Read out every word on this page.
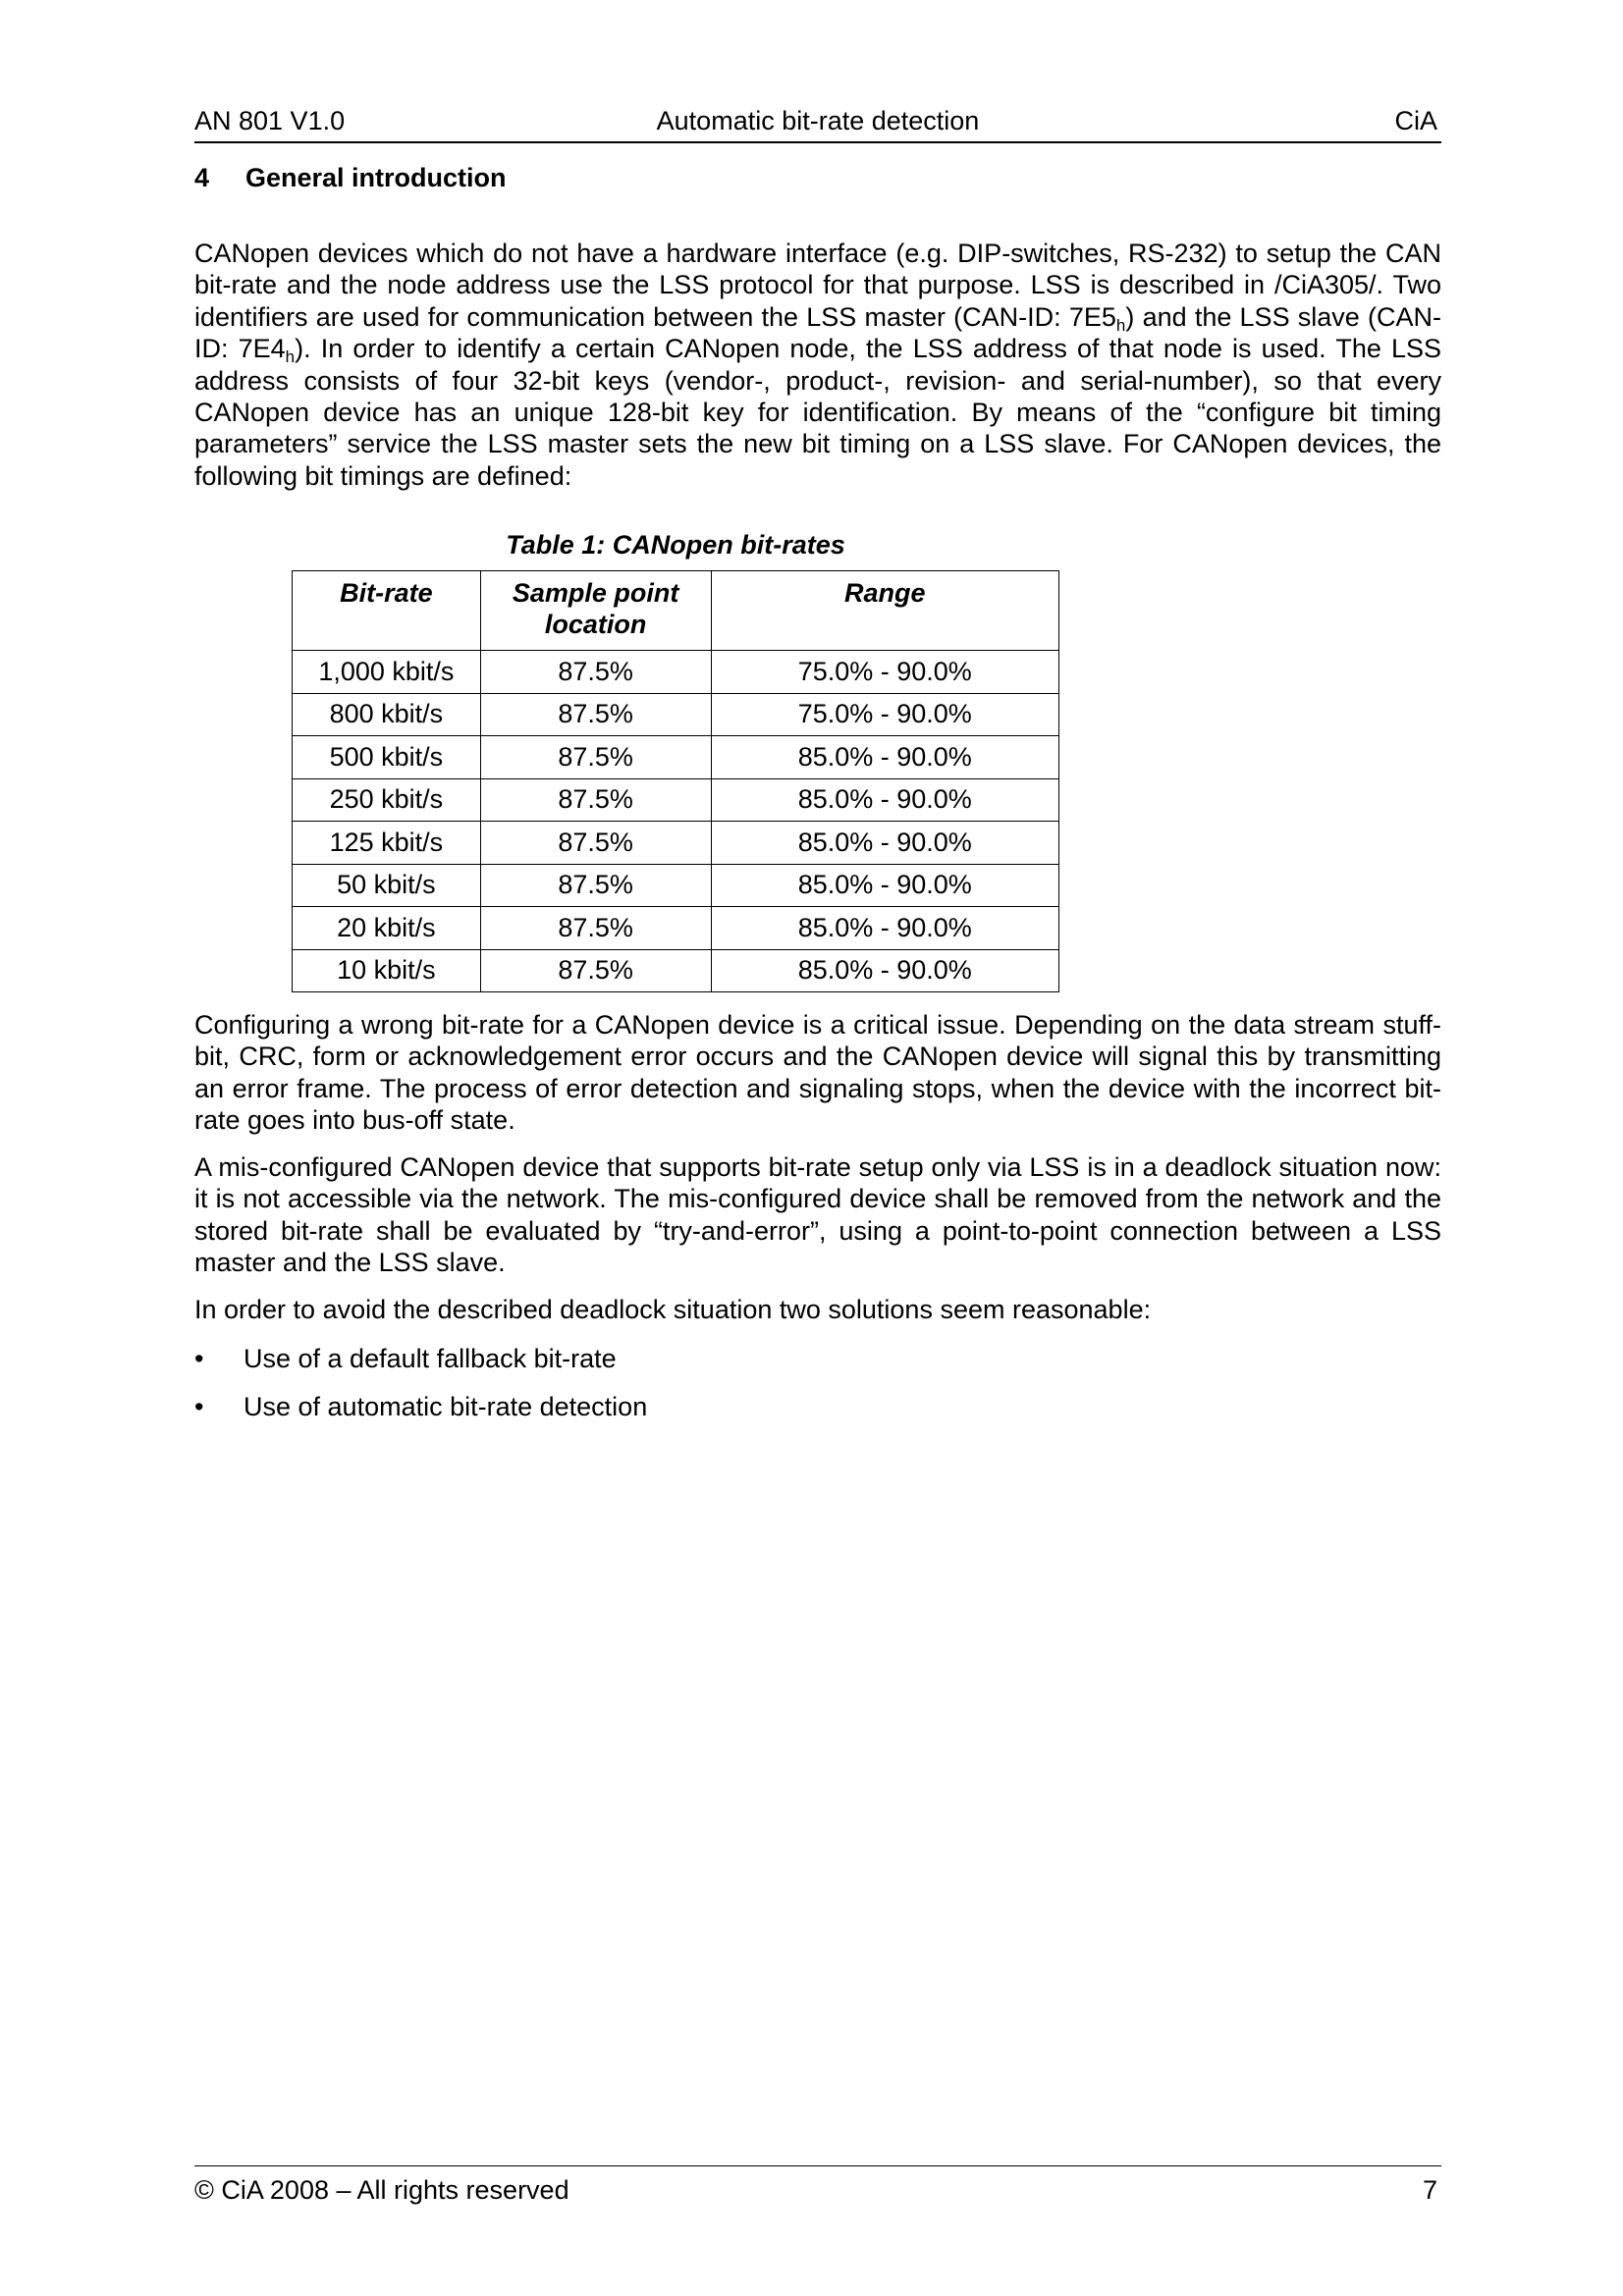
AN 801 V1.0	Automatic bit-rate detection	CiA
4 General introduction

CANopen devices which do not have a hardware interface (e.g. DIP-switches, RS-232) to setup the CAN bit-rate and the node address use the LSS protocol for that purpose. LSS is described in /CiA305/. Two identifiers are used for communication between the LSS master (CAN-ID: $7E5_h$) and the LSS slave (CAN-ID: $7E4_h$). In order to identify a certain CANopen node, the LSS address of that node is used. The LSS address consists of four 32-bit keys (vendor-, product-, revision- and serial-number), so that every CANopen device has an unique 128-bit key for identification. By means of the “configure bit timing parameters” service the LSS master sets the new bit timing on a LSS slave. For CANopen devices, the following bit timings are defined:

Table 1: CANopen bit-rates
Bit-rate	Sample point location	Range
1,000 kbit/s	87.5%	75.0% - 90.0%
800 kbit/s	87.5%	75.0% - 90.0%
500 kbit/s	87.5%	85.0% - 90.0%
250 kbit/s	87.5%	85.0% - 90.0%
125 kbit/s	87.5%	85.0% - 90.0%
50 kbit/s	87.5%	85.0% - 90.0%
20 kbit/s	87.5%	85.0% - 90.0%
10 kbit/s	87.5%	85.0% - 90.0%

Configuring a wrong bit-rate for a CANopen device is a critical issue. Depending on the data stream stuff-bit, CRC, form or acknowledgement error occurs and the CANopen device will signal this by transmitting an error frame. The process of error detection and signaling stops, when the device with the incorrect bit-rate goes into bus-off state.

A mis-configured CANopen device that supports bit-rate setup only via LSS is in a deadlock situation now: it is not accessible via the network. The mis-configured device shall be removed from the network and the stored bit-rate shall be evaluated by “try-and-error”, using a point-to-point connection between a LSS master and the LSS slave.

In order to avoid the described deadlock situation two solutions seem reasonable:

• Use of a default fallback bit-rate
• Use of automatic bit-rate detection
© CiA 2008 – All rights reserved	7
